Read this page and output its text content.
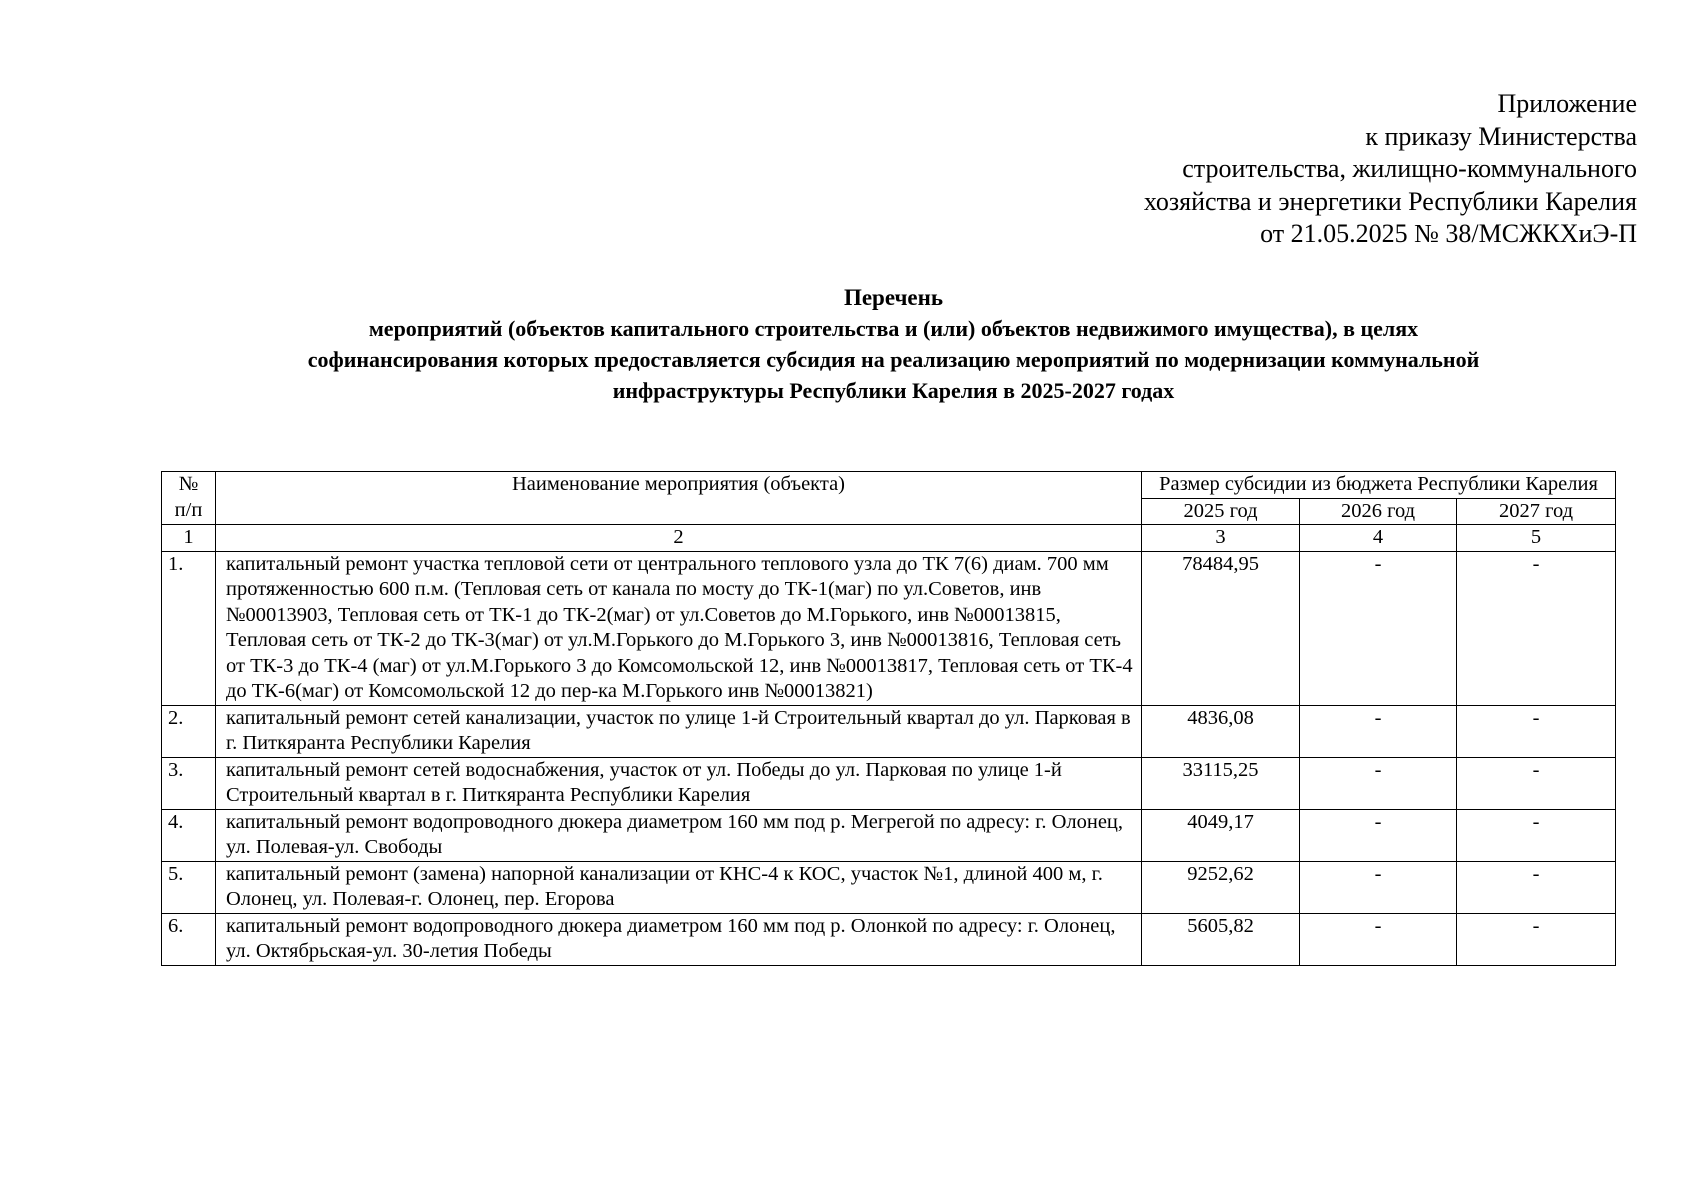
Приложение
к приказу Министерства
строительства, жилищно-коммунального
хозяйства и энергетики Республики Карелия
от 21.05.2025 № 38/МСЖКХиЭ-П
Перечень
мероприятий (объектов капитального строительства и (или) объектов недвижимого имущества), в целях
софинансирования которых предоставляется субсидия на реализацию мероприятий по модернизации коммунальной
инфраструктуры Республики Карелия в 2025-2027 годах
№ п/п	Наименование мероприятия (объекта)	Размер субсидии из бюджета Республики Карелия		
		2025 год	2026 год	2027 год
1	2	3	4	5
1.	капитальный ремонт участка тепловой сети от центрального теплового узла до ТК 7(6) диам. 700 мм протяженностью 600 п.м. (Тепловая сеть от канала по мосту до ТК-1(маг) по ул.Советов, инв №00013903, Тепловая сеть от ТК-1 до ТК-2(маг) от ул.Советов до М.Горького, инв №00013815, Тепловая сеть от ТК-2 до ТК-3(маг) от ул.М.Горького до М.Горького 3, инв №00013816, Тепловая сеть от ТК-3 до ТК-4 (маг) от ул.М.Горького 3 до Комсомольской 12, инв №00013817, Тепловая сеть от ТК-4 до ТК-6(маг) от Комсомольской 12 до пер-ка М.Горького инв №00013821)	78484,95	-	-
2.	капитальный ремонт сетей канализации, участок по улице 1-й Строительный квартал до ул. Парковая в г. Питкяранта Республики Карелия	4836,08	-	-
3.	капитальный ремонт сетей водоснабжения, участок от ул. Победы до ул. Парковая по улице 1-й Строительный квартал в г. Питкяранта Республики Карелия	33115,25	-	-
4.	капитальный ремонт водопроводного дюкера диаметром 160 мм под р. Мегрегой по адресу: г. Олонец, ул. Полевая-ул. Свободы	4049,17	-	-
5.	капитальный ремонт (замена) напорной канализации от КНС-4 к КОС, участок №1, длиной 400 м, г. Олонец, ул. Полевая-г. Олонец, пер. Егорова	9252,62	-	-
6.	капитальный ремонт водопроводного дюкера диаметром 160 мм под р. Олонкой по адресу: г. Олонец, ул. Октябрьская-ул. 30-летия Победы	5605,82	-	-
